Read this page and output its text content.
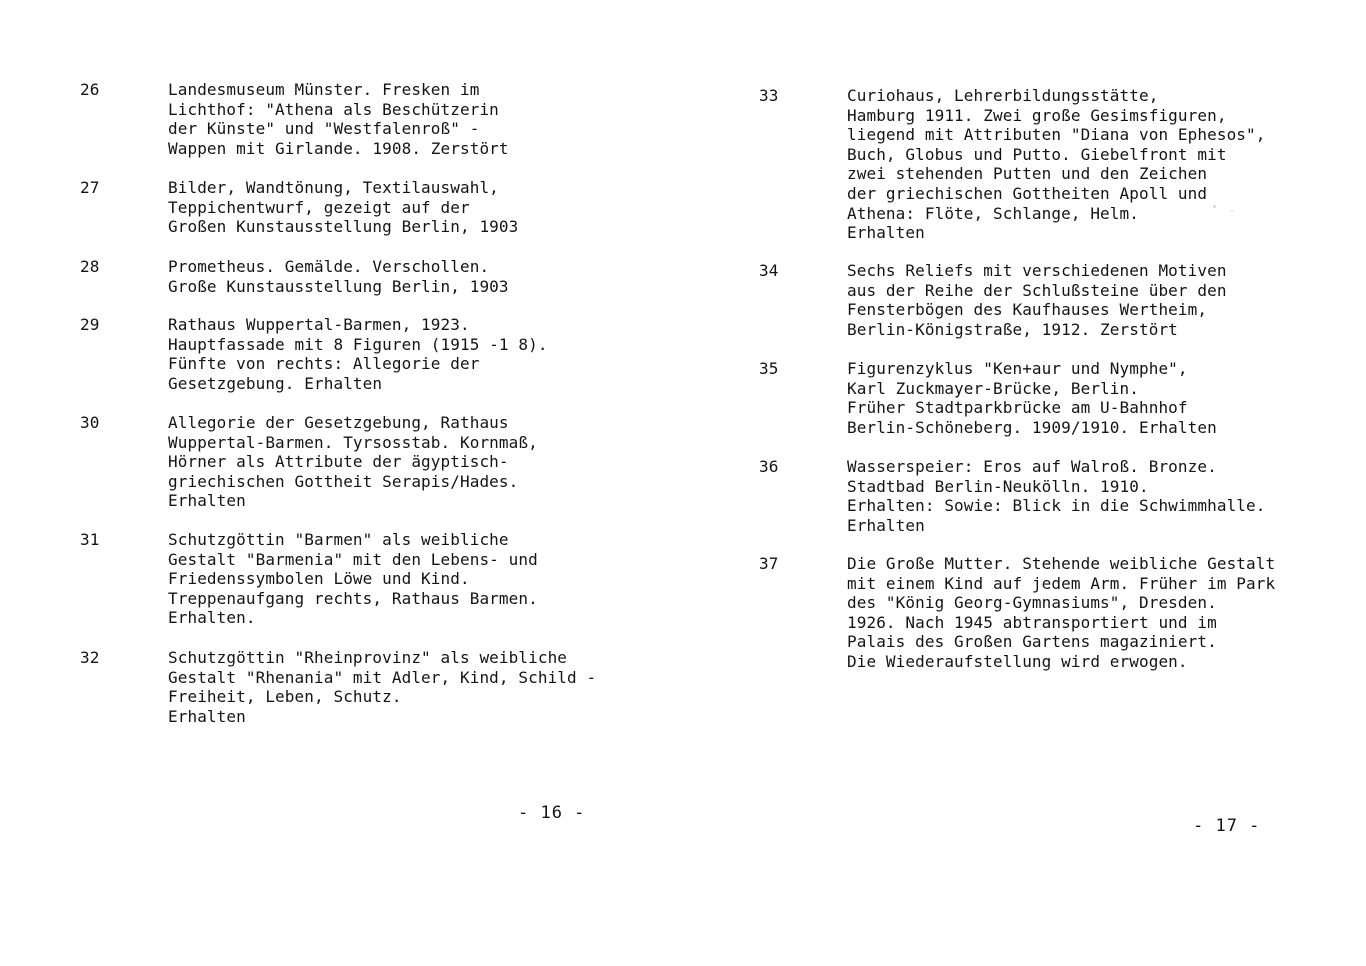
26	Landesmuseum Münster. Fresken im
Lichthof: "Athena als Beschützerin
der Künste" und "Westfalenroß" -
Wappen mit Girlande. 1908. Zerstört
27	Bilder, Wandtönung, Textilauswahl,
Teppichentwurf, gezeigt auf der
Großen Kunstausstellung Berlin, 1903
28	Prometheus. Gemälde. Verschollen.
Große Kunstausstellung Berlin, 1903
29	Rathaus Wuppertal-Barmen, 1923.
Hauptfassade mit 8 Figuren (1915 -1 8).
Fünfte von rechts: Allegorie der
Gesetzgebung. Erhalten
30	Allegorie der Gesetzgebung, Rathaus
Wuppertal-Barmen. Tyrsosstab. Kornmaß,
Hörner als Attribute der ägyptisch-
griechischen Gottheit Serapis/Hades.
Erhalten
31	Schutzgöttin "Barmen" als weibliche
Gestalt "Barmenia" mit den Lebens- und
Friedenssymbolen Löwe und Kind.
Treppenaufgang rechts, Rathaus Barmen.
Erhalten.
32	Schutzgöttin "Rheinprovinz" als weibliche
Gestalt "Rhenania" mit Adler, Kind, Schild -
Freiheit, Leben, Schutz.
Erhalten
- 16 -
33	Curiohaus, Lehrerbildungsstätte,
Hamburg 1911. Zwei große Gesimsfiguren,
liegend mit Attributen "Diana von Ephesos",
Buch, Globus und Putto. Giebelfront mit
zwei stehenden Putten und den Zeichen
der griechischen Gottheiten Apoll und
Athena: Flöte, Schlange, Helm.
Erhalten
34	Sechs Reliefs mit verschiedenen Motiven
aus der Reihe der Schlußsteine über den
Fensterbögen des Kaufhauses Wertheim,
Berlin-Königstraße, 1912. Zerstört
35	Figurenzyklus "Ken+aur und Nymphe",
Karl Zuckmayer-Brücke, Berlin.
Früher Stadtparkbrücke am U-Bahnhof
Berlin-Schöneberg. 1909/1910. Erhalten
36	Wasserspeier: Eros auf Walroß. Bronze.
Stadtbad Berlin-Neukölln. 1910.
Erhalten: Sowie: Blick in die Schwimmhalle.
Erhalten
37	Die Große Mutter. Stehende weibliche Gestalt
mit einem Kind auf jedem Arm. Früher im Park
des "König Georg-Gymnasiums", Dresden.
1926. Nach 1945 abtransportiert und im
Palais des Großen Gartens magaziniert.
Die Wiederaufstellung wird erwogen.
- 17 -
